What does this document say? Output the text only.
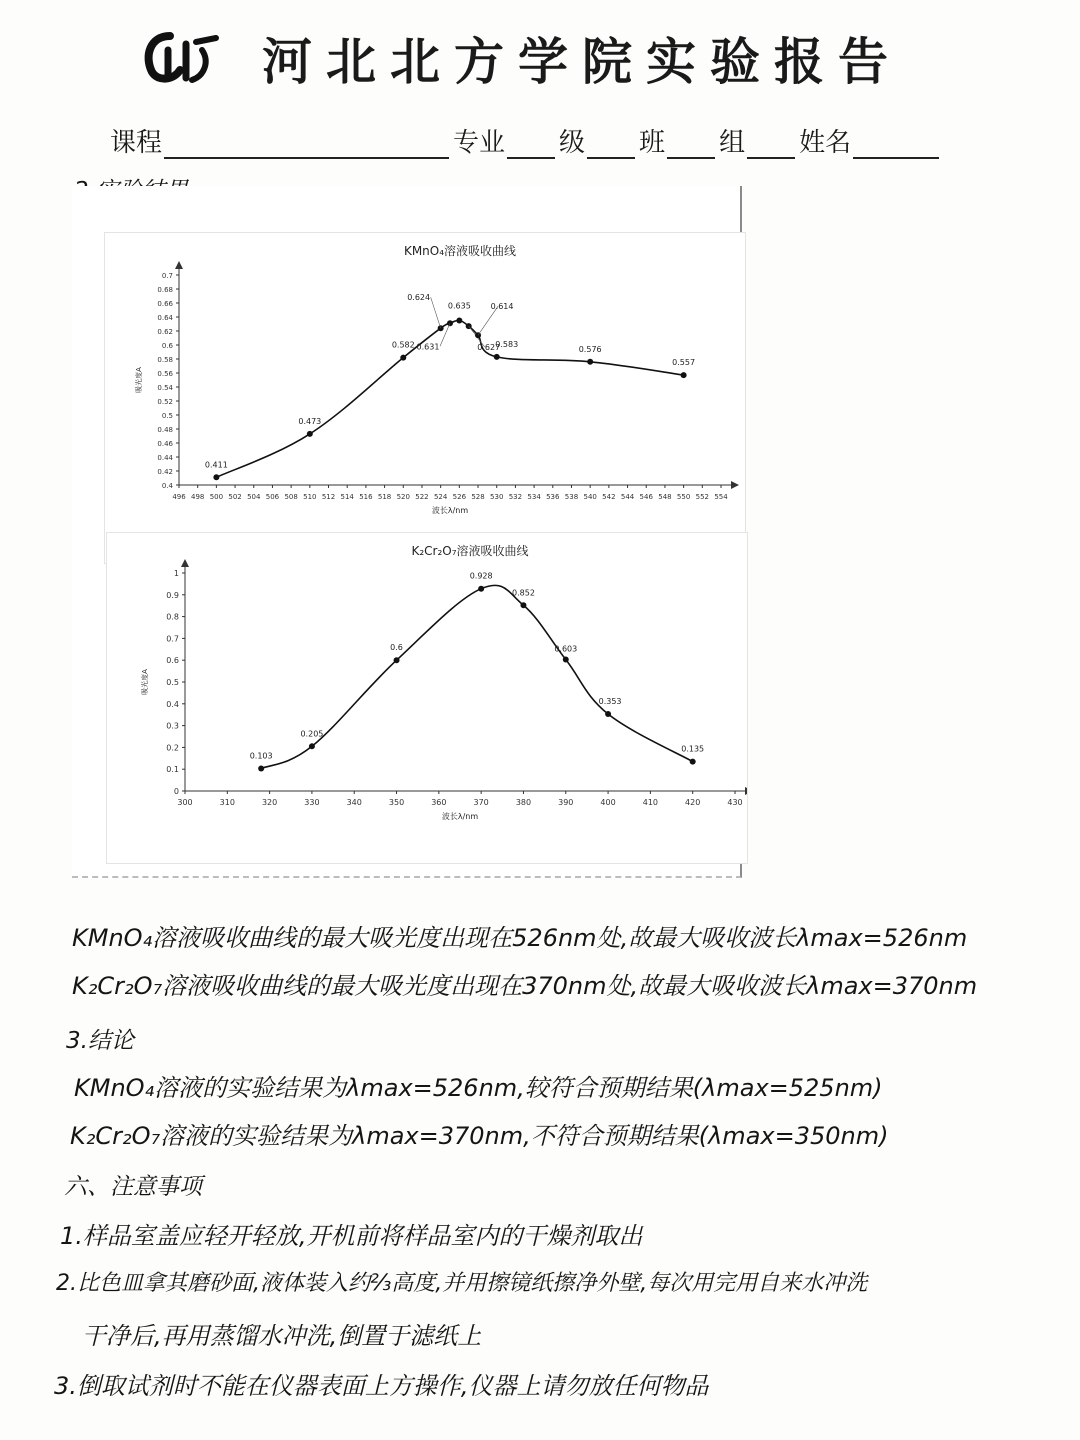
河北北方学院实验报告
课程	专业 级 班 组 姓名
KMnO₄溶液吸收曲线
496 498 500 502 504 506 508 510 512 514 516 518 520 522 524 526 528 530 532 534 536 538 540 542 544 546 548 550 552 554
0.4
0.42
0.44
0.46
0.48
0.5
0.52
0.54
0.56
0.58
0.6
0.62
0.64
0.66
0.68
0.7
波长λ/nm
吸光度A
0.411
0.473
0.582
0.624
0.631
0.635
0.627
0.614
0.583
0.576
0.557
K₂Cr₂O₇溶液吸收曲线
300	310	320	330	340	350	360	370	380	390	400	410	420	430
0
0.1
0.2
0.3
0.4
0.5
0.6
0.7
0.8
0.9
1
波长λ/nm
吸光度A
0.103
0.205
0.6
0.928
0.852
0.603
0.353
0.135
KMnO₄溶液吸收曲线的最大吸光度出现在526nm处,故最大吸收波长λmax=526nm
K₂Cr₂O₇溶液吸收曲线的最大吸光度出现在370nm处,故最大吸收波长λmax=370nm
3.结论
KMnO₄溶液的实验结果为λmax=526nm,较符合预期结果(λmax=525nm)
K₂Cr₂O₇溶液的实验结果为λmax=370nm,不符合预期结果(λmax=350nm)
六、注意事项
1.样品室盖应轻开轻放,开机前将样品室内的干燥剂取出
2.比色皿拿其磨砂面,液体装入约⅔高度,并用擦镜纸擦净外壁,每次用完用自来水冲洗
干净后,再用蒸馏水冲洗,倒置于滤纸上
3.倒取试剂时不能在仪器表面上方操作,仪器上请勿放任何物品
